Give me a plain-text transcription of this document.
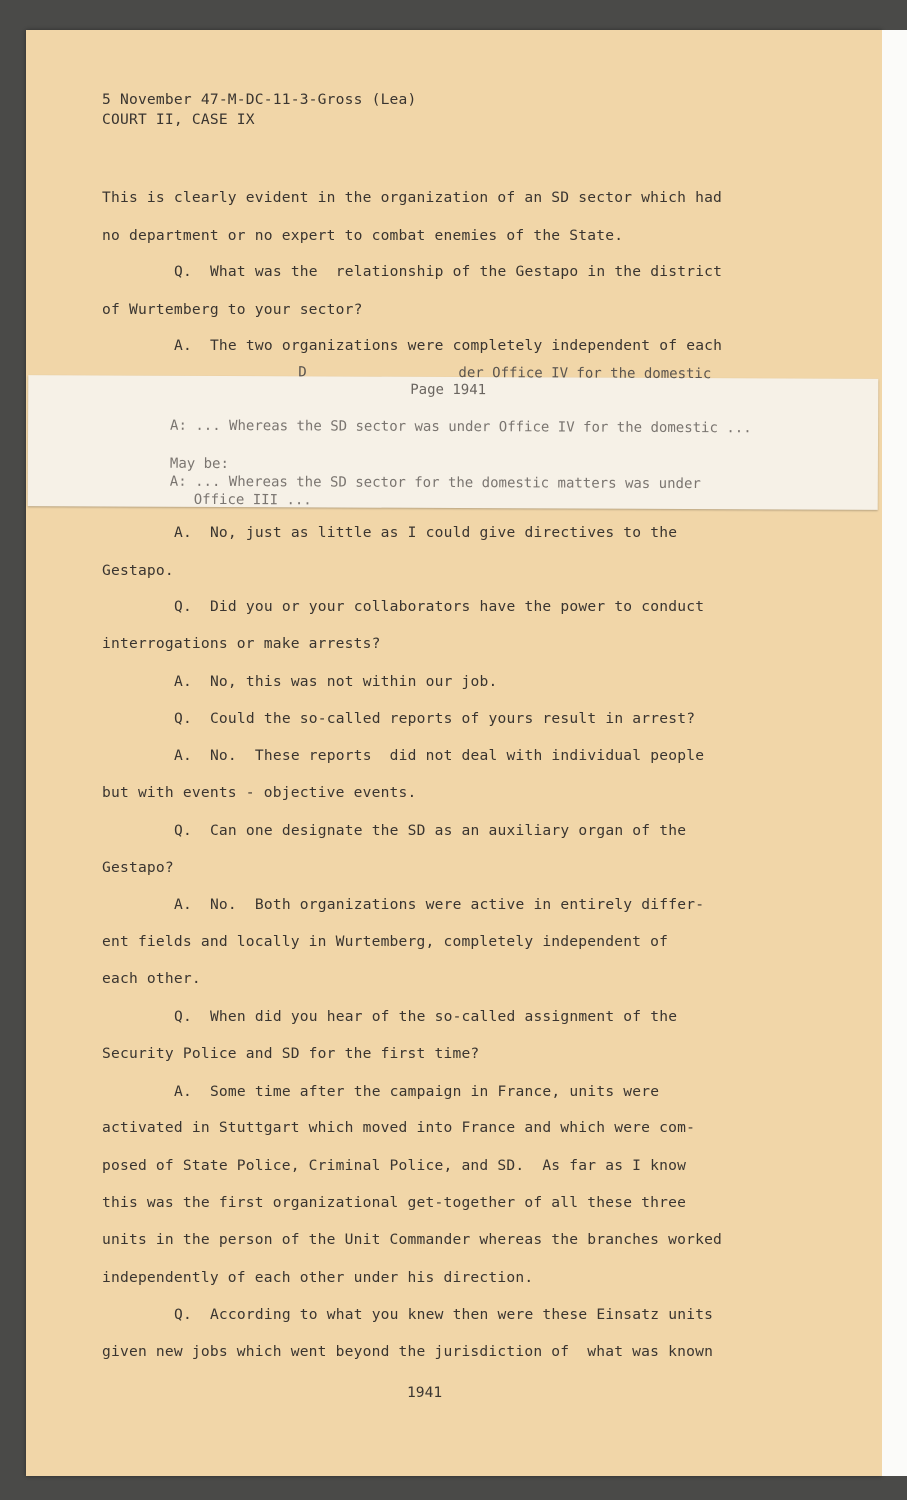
5 November 47-M-DC-11-3-Gross (Lea)
COURT II, CASE IX
This is clearly evident in the organization of an SD sector which had
no department or no expert to combat enemies of the State.
Q.  What was the  relationship of the Gestapo in the district
of Wurtemberg to your sector?
A.  The two organizations were completely independent of each
D                  der Office IV for the domestic
Page 1941
A: ... Whereas the SD sector was under Office IV for the domestic ...
May be:
A: ... Whereas the SD sector for the domestic matters was under
Office III ...
A.  No, just as little as I could give directives to the
Gestapo.
Q.  Did you or your collaborators have the power to conduct
interrogations or make arrests?
A.  No, this was not within our job.
Q.  Could the so-called reports of yours result in arrest?
A.  No.  These reports  did not deal with individual people
but with events - objective events.
Q.  Can one designate the SD as an auxiliary organ of the
Gestapo?
A.  No.  Both organizations were active in entirely differ-
ent fields and locally in Wurtemberg, completely independent of
each other.
Q.  When did you hear of the so-called assignment of the
Security Police and SD for the first time?
A.  Some time after the campaign in France, units were
activated in Stuttgart which moved into France and which were com-
posed of State Police, Criminal Police, and SD.  As far as I know
this was the first organizational get-together of all these three
units in the person of the Unit Commander whereas the branches worked
independently of each other under his direction.
Q.  According to what you knew then were these Einsatz units
given new jobs which went beyond the jurisdiction of  what was known
1941
